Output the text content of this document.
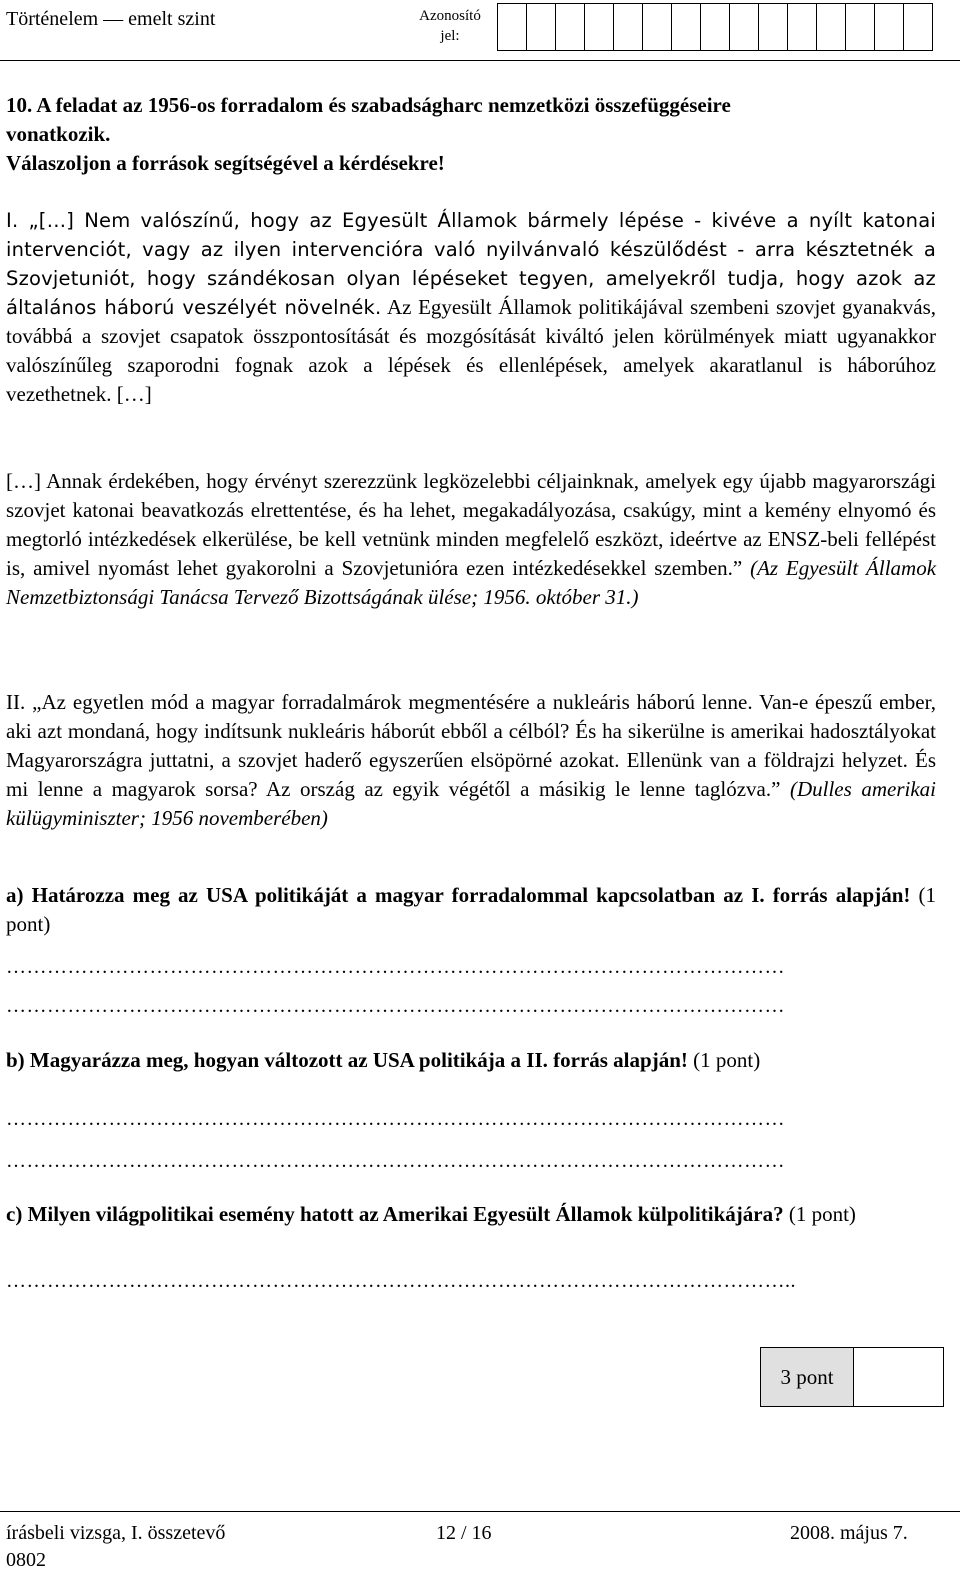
Történelem — emelt szint	Azonosító jel:
10. A feladat az 1956-os forradalom és szabadságharc nemzetközi összefüggéseire
vonatkozik.
Válaszoljon a források segítségével a kérdésekre!
I. „[…] Nem valószínű, hogy az Egyesült Államok bármely lépése - kivéve a nyílt katonai intervenciót, vagy az ilyen intervencióra való nyilvánvaló készülődést - arra késztetnék a Szovjetuniót, hogy szándékosan olyan lépéseket tegyen, amelyekről tudja, hogy azok az általános háború veszélyét növelnék. Az Egyesült Államok politikájával szembeni szovjet gyanakvás, továbbá a szovjet csapatok összpontosítását és mozgósítását kiváltó jelen körülmények miatt ugyanakkor valószínűleg szaporodni fognak azok a lépések és ellenlépések, amelyek akaratlanul is háborúhoz vezethetnek. […]
[…] Annak érdekében, hogy érvényt szerezzünk legközelebbi céljainknak, amelyek egy újabb magyarországi szovjet katonai beavatkozás elrettentése, és ha lehet, megakadályozása, csakúgy, mint a kemény elnyomó és megtorló intézkedések elkerülése, be kell vetnünk minden megfelelő eszközt, ideértve az ENSZ-beli fellépést is, amivel nyomást lehet gyakorolni a Szovjetunióra ezen intézkedésekkel szemben.” (Az Egyesült Államok Nemzetbiztonsági Tanácsa Tervező Bizottságának ülése; 1956. október 31.)
II. „Az egyetlen mód a magyar forradalmárok megmentésére a nukleáris háború lenne. Van-e épeszű ember, aki azt mondaná, hogy indítsunk nukleáris háborút ebből a célból? És ha sikerülne is amerikai hadosztályokat Magyarországra juttatni, a szovjet haderő egyszerűen elsöpörné azokat. Ellenünk van a földrajzi helyzet. És mi lenne a magyarok sorsa? Az ország az egyik végétől a másikig le lenne taglózva.” (Dulles amerikai külügyminiszter; 1956 novemberében)
a) Határozza meg az USA politikáját a magyar forradalommal kapcsolatban az I. forrás alapján! (1 pont)
……………………………………………………………………………………………………
……………………………………………………………………………………………………
b) Magyarázza meg, hogyan változott az USA politikája a II. forrás alapján! (1 pont)
……………………………………………………………………………………………………
……………………………………………………………………………………………………
c) Milyen világpolitikai esemény hatott az Amerikai Egyesült Államok külpolitikájára? (1 pont)
……………………………………………………………………………………………………..
3 pont
írásbeli vizsga, I. összetevő
0802
12 / 16	2008. május 7.
